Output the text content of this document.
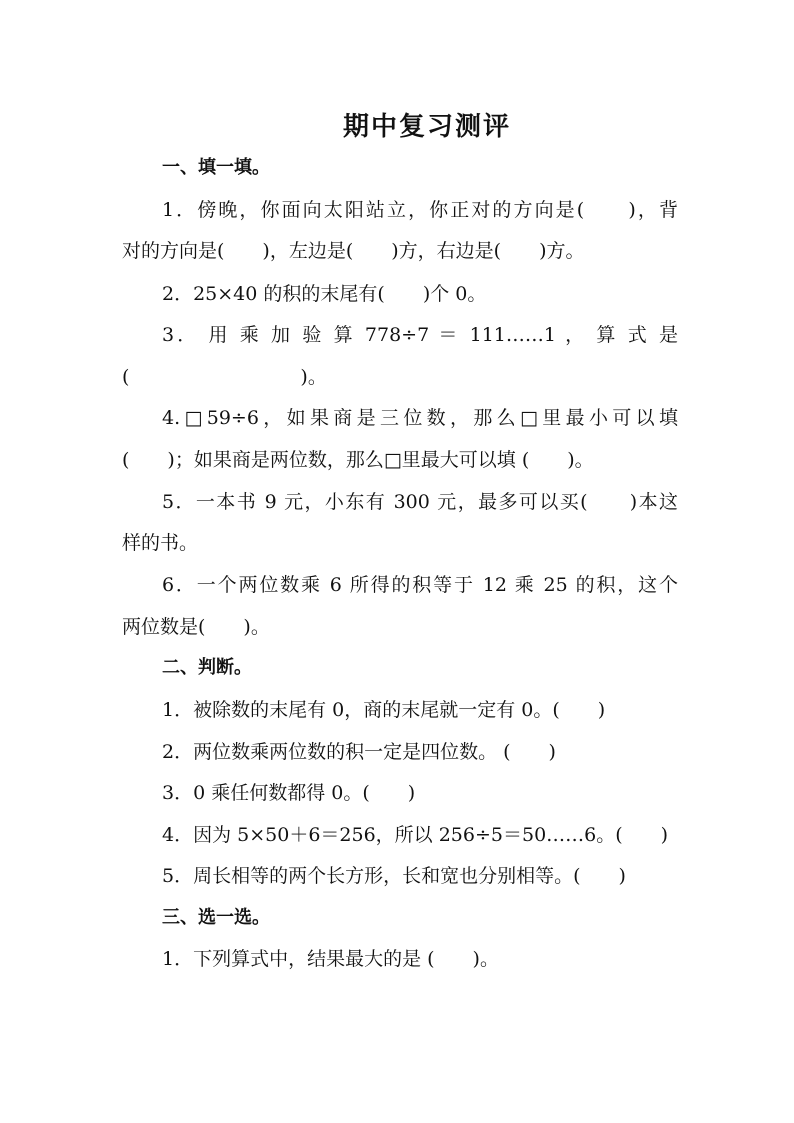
期中复习测评
一、填一填。
1．傍晚，你面向太阳站立，你正对的方向是(　　)，背
对的方向是(　　)，左边是(　　)方，右边是(　　)方。
2．25×40 的积的末尾有(　　)个 0。
3． 用 乘 加 验 算 778÷7 ＝ 111……1 ， 算 式 是
(　　　　　　　　　)。
4.□59÷6，如果商是三位数，那么□里最小可以填
(　　)；如果商是两位数，那么□里最大可以填 (　　)。
5．一本书 9 元，小东有 300 元，最多可以买(　　)本这
样的书。
6．一个两位数乘 6 所得的积等于 12 乘 25 的积，这个
两位数是(　　)。
二、判断。
1．被除数的末尾有 0，商的末尾就一定有 0。(　　)
2．两位数乘两位数的积一定是四位数。 (　　)
3．0 乘任何数都得 0。(　　)
4．因为 5×50＋6＝256，所以 256÷5＝50……6。(　　)
5．周长相等的两个长方形，长和宽也分别相等。(　　)
三、选一选。
1．下列算式中，结果最大的是 (　　)。
